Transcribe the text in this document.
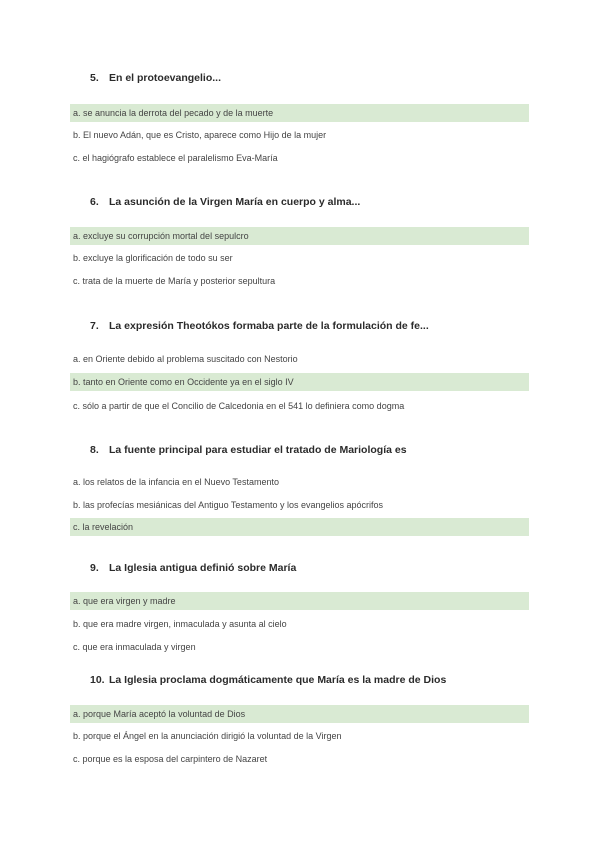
5. En el protoevangelio...
a. se anuncia la derrota del pecado y de la muerte
b. El nuevo Adán, que es Cristo, aparece como Hijo de la mujer
c. el hagiógrafo establece el paralelismo Eva-María
6. La asunción de la Virgen María en cuerpo y alma...
a. excluye su corrupción mortal del sepulcro
b. excluye la glorificación de todo su ser
c. trata de la muerte de María y posterior sepultura
7. La expresión Theotókos formaba parte de la formulación de fe...
a. en Oriente debido al problema suscitado con Nestorio
b. tanto en Oriente como en Occidente ya en el siglo IV
c. sólo a partir de que el Concilio de Calcedonia en el 541 lo definiera como dogma
8. La fuente principal para estudiar el tratado de Mariología es
a. los relatos de la infancia en el Nuevo Testamento
b. las profecías mesiánicas del Antiguo Testamento y los evangelios apócrifos
c. la revelación
9. La Iglesia antigua definió sobre María
a. que era virgen y madre
b. que era madre virgen, inmaculada y asunta al cielo
c. que era inmaculada y virgen
10. La Iglesia proclama dogmáticamente que María es la madre de Dios
a. porque María aceptó la voluntad de Dios
b. porque el Ángel en la anunciación dirigió la voluntad de la Virgen
c. porque es la esposa del carpintero de Nazaret
